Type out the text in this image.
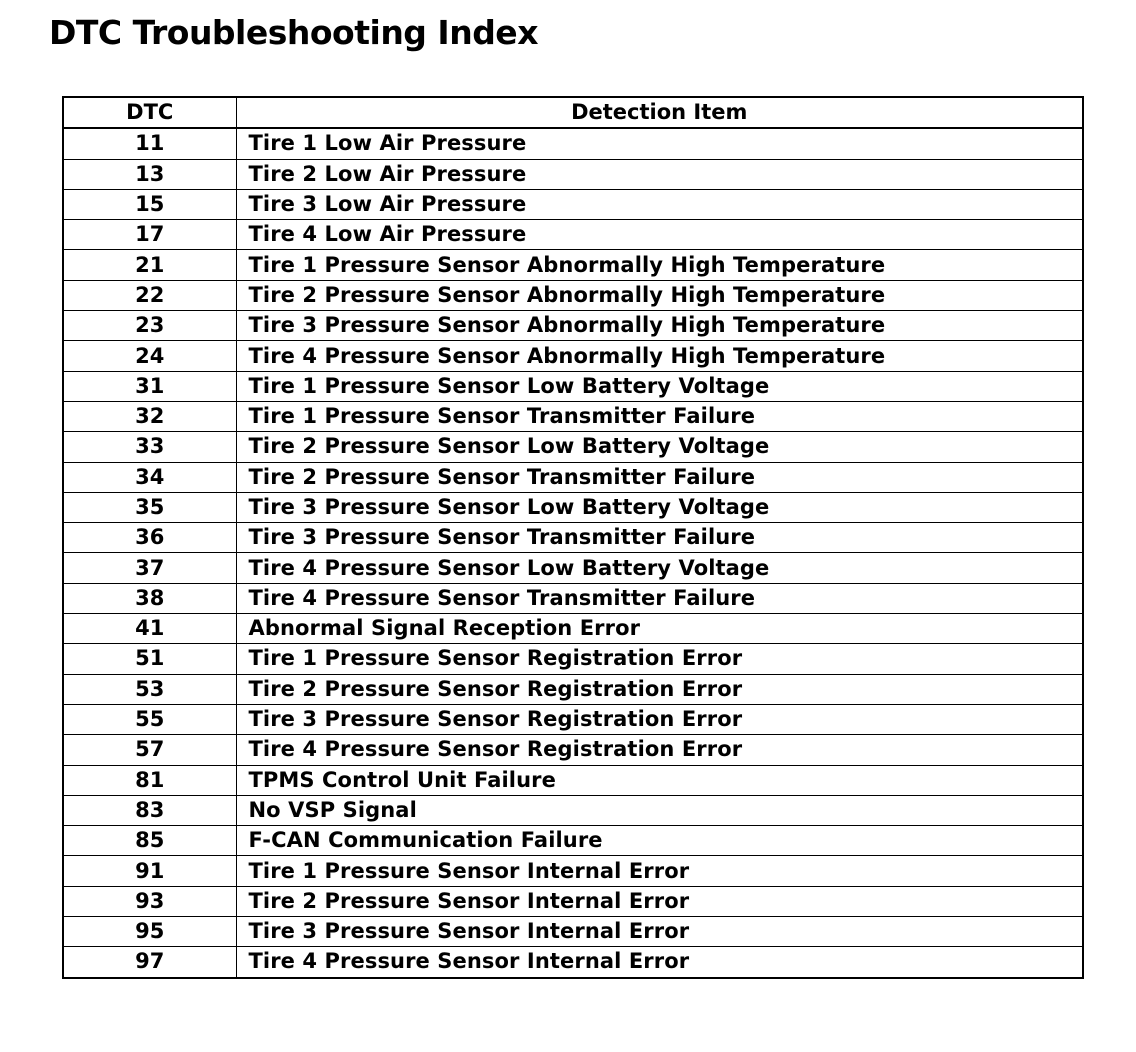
DTC Troubleshooting Index
DTC	Detection Item
11	Tire 1 Low Air Pressure
13	Tire 2 Low Air Pressure
15	Tire 3 Low Air Pressure
17	Tire 4 Low Air Pressure
21	Tire 1 Pressure Sensor Abnormally High Temperature
22	Tire 2 Pressure Sensor Abnormally High Temperature
23	Tire 3 Pressure Sensor Abnormally High Temperature
24	Tire 4 Pressure Sensor Abnormally High Temperature
31	Tire 1 Pressure Sensor Low Battery Voltage
32	Tire 1 Pressure Sensor Transmitter Failure
33	Tire 2 Pressure Sensor Low Battery Voltage
34	Tire 2 Pressure Sensor Transmitter Failure
35	Tire 3 Pressure Sensor Low Battery Voltage
36	Tire 3 Pressure Sensor Transmitter Failure
37	Tire 4 Pressure Sensor Low Battery Voltage
38	Tire 4 Pressure Sensor Transmitter Failure
41	Abnormal Signal Reception Error
51	Tire 1 Pressure Sensor Registration Error
53	Tire 2 Pressure Sensor Registration Error
55	Tire 3 Pressure Sensor Registration Error
57	Tire 4 Pressure Sensor Registration Error
81	TPMS Control Unit Failure
83	No VSP Signal
85	F-CAN Communication Failure
91	Tire 1 Pressure Sensor Internal Error
93	Tire 2 Pressure Sensor Internal Error
95	Tire 3 Pressure Sensor Internal Error
97	Tire 4 Pressure Sensor Internal Error
